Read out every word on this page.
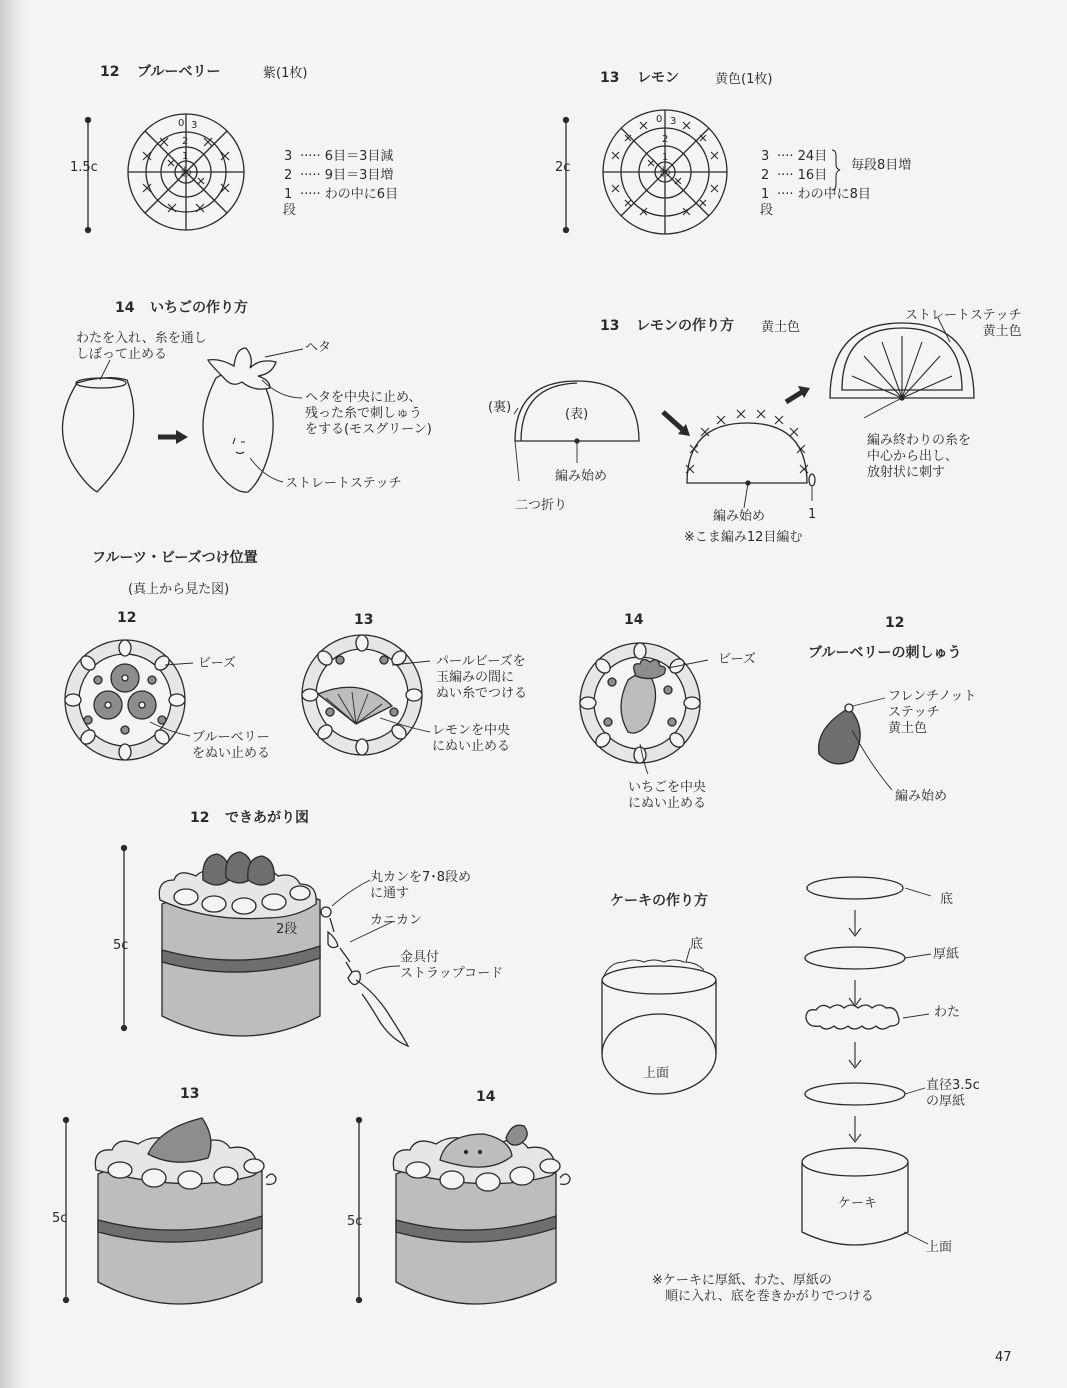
12 ブルーベリー	紫(1枚)
1.5c
0 3
2
1
わ
3 ····· 6目＝3目減
2 ····· 9目＝3目増
1 ····· わの中に6目
段
13 レモン	黄色(1枚)
2c
0 3
2
1
わ
3 ···· 24目
2 ···· 16目
1 ···· わの中に8目
段
毎段8目増
14 いちごの作り方
わたを入れ、糸を通し
しぼって止める	ヘタ
ヘタを中央に止め、
残った糸で刺しゅう
をする(モスグリーン)
ストレートステッチ
13 レモンの作り方 黄土色
(裏)	(表)
編み始め
二つ折り
編み始め	1
※こま編み12目編む
ストレートステッチ
黄土色
編み終わりの糸を
中心から出し、
放射状に刺す
フルーツ・ビーズつけ位置
(真上から見た図)
12
ビーズ
ブルーベリー
をぬい止める
13
パールビーズを
玉編みの間に
ぬい糸でつける
レモンを中央
にぬい止める
14
ビーズ
いちごを中央
にぬい止める
12
ブルーベリーの刺しゅう
フレンチノット
ステッチ
黄土色
編み始め
12 できあがり図
5c
丸カンを7･8段め
に通す
2段
カニカン
金具付
ストラップコード
13
5c
14
5c
ケーキの作り方
底
上面
底
厚紙
わた
直径3.5c
の厚紙
ケーキ
上面
※ケーキに厚紙、わた、厚紙の
　順に入れ、底を巻きかがりでつける
47
